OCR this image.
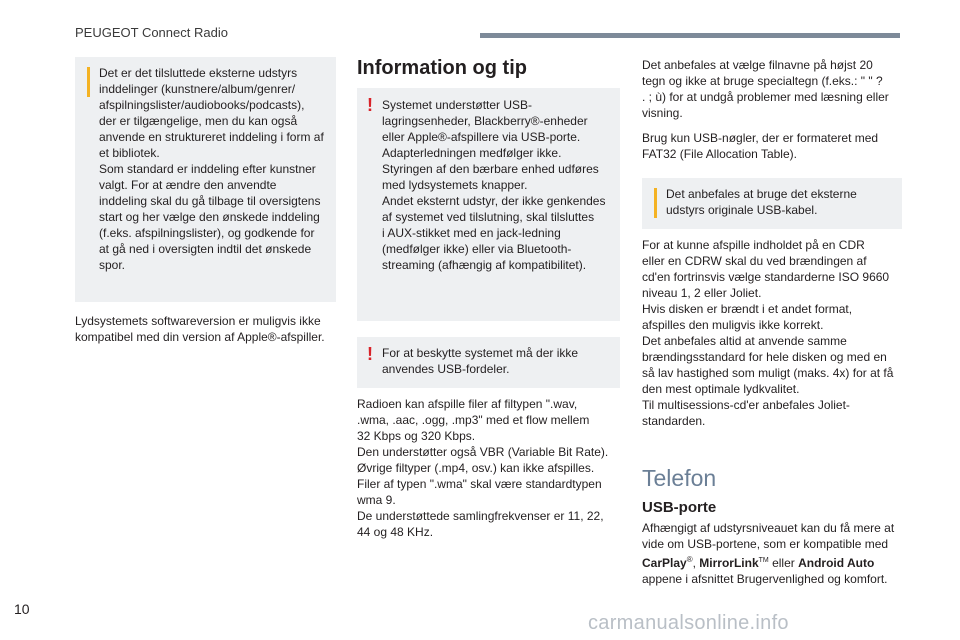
PEUGEOT Connect Radio
Det er det tilsluttede eksterne udstyrs
inddelinger (kunstnere/album/genrer/
afspilningslister/audiobooks/podcasts),
der er tilgængelige, men du kan også
anvende en struktureret inddeling i form af
et bibliotek.
Som standard er inddeling efter kunstner
valgt. For at ændre den anvendte
inddeling skal du gå tilbage til oversigtens
start og her vælge den ønskede inddeling
(f.eks. afspilningslister), og godkende for
at gå ned i oversigten indtil det ønskede
spor.

Lydsystemets softwareversion er muligvis ikke
kompatibel med din version af Apple®-afspiller.

Information og tip
! Systemet understøtter USB-
lagringsenheder, Blackberry®-enheder
eller Apple®-afspillere via USB-porte.
Adapterledningen medfølger ikke.
Styringen af den bærbare enhed udføres
med lydsystemets knapper.
Andet eksternt udstyr, der ikke genkendes
af systemet ved tilslutning, skal tilsluttes
i AUX-stikket med en jack-ledning
(medfølger ikke) eller via Bluetooth-
streaming (afhængig af kompatibilitet).
! For at beskytte systemet må der ikke
anvendes USB-fordeler.

Radioen kan afspille filer af filtypen ".wav,
.wma, .aac, .ogg, .mp3" med et flow mellem
32 Kbps og 320 Kbps.
Den understøtter også VBR (Variable Bit Rate).
Øvrige filtyper (.mp4, osv.) kan ikke afspilles.
Filer af typen ".wma" skal være standardtypen
wma 9.
De understøttede samlingfrekvenser er 11, 22,
44 og 48 KHz.

Det anbefales at vælge filnavne på højst 20
tegn og ikke at bruge specialtegn (f.eks.: " " ?
. ; ù) for at undgå problemer med læsning eller
visning.

Brug kun USB-nøgler, der er formateret med
FAT32 (File Allocation Table).

Det anbefales at bruge det eksterne
udstyrs originale USB-kabel.

For at kunne afspille indholdet på en CDR
eller en CDRW skal du ved brændingen af
cd'en fortrinsvis vælge standarderne ISO 9660
niveau 1, 2 eller Joliet.
Hvis disken er brændt i et andet format,
afspilles den muligvis ikke korrekt.
Det anbefales altid at anvende samme
brændingsstandard for hele disken og med en
så lav hastighed som muligt (maks. 4x) for at få
den mest optimale lydkvalitet.
Til multisessions-cd'er anbefales Joliet-
standarden.

Telefon
USB-porte
Afhængigt af udstyrsniveauet kan du få mere at
vide om USB-portene, som er kompatible med
CarPlay®, MirrorLink™ eller Android Auto
appene i afsnittet Brugervenlighed og komfort.
10
carmanualsonline.info
